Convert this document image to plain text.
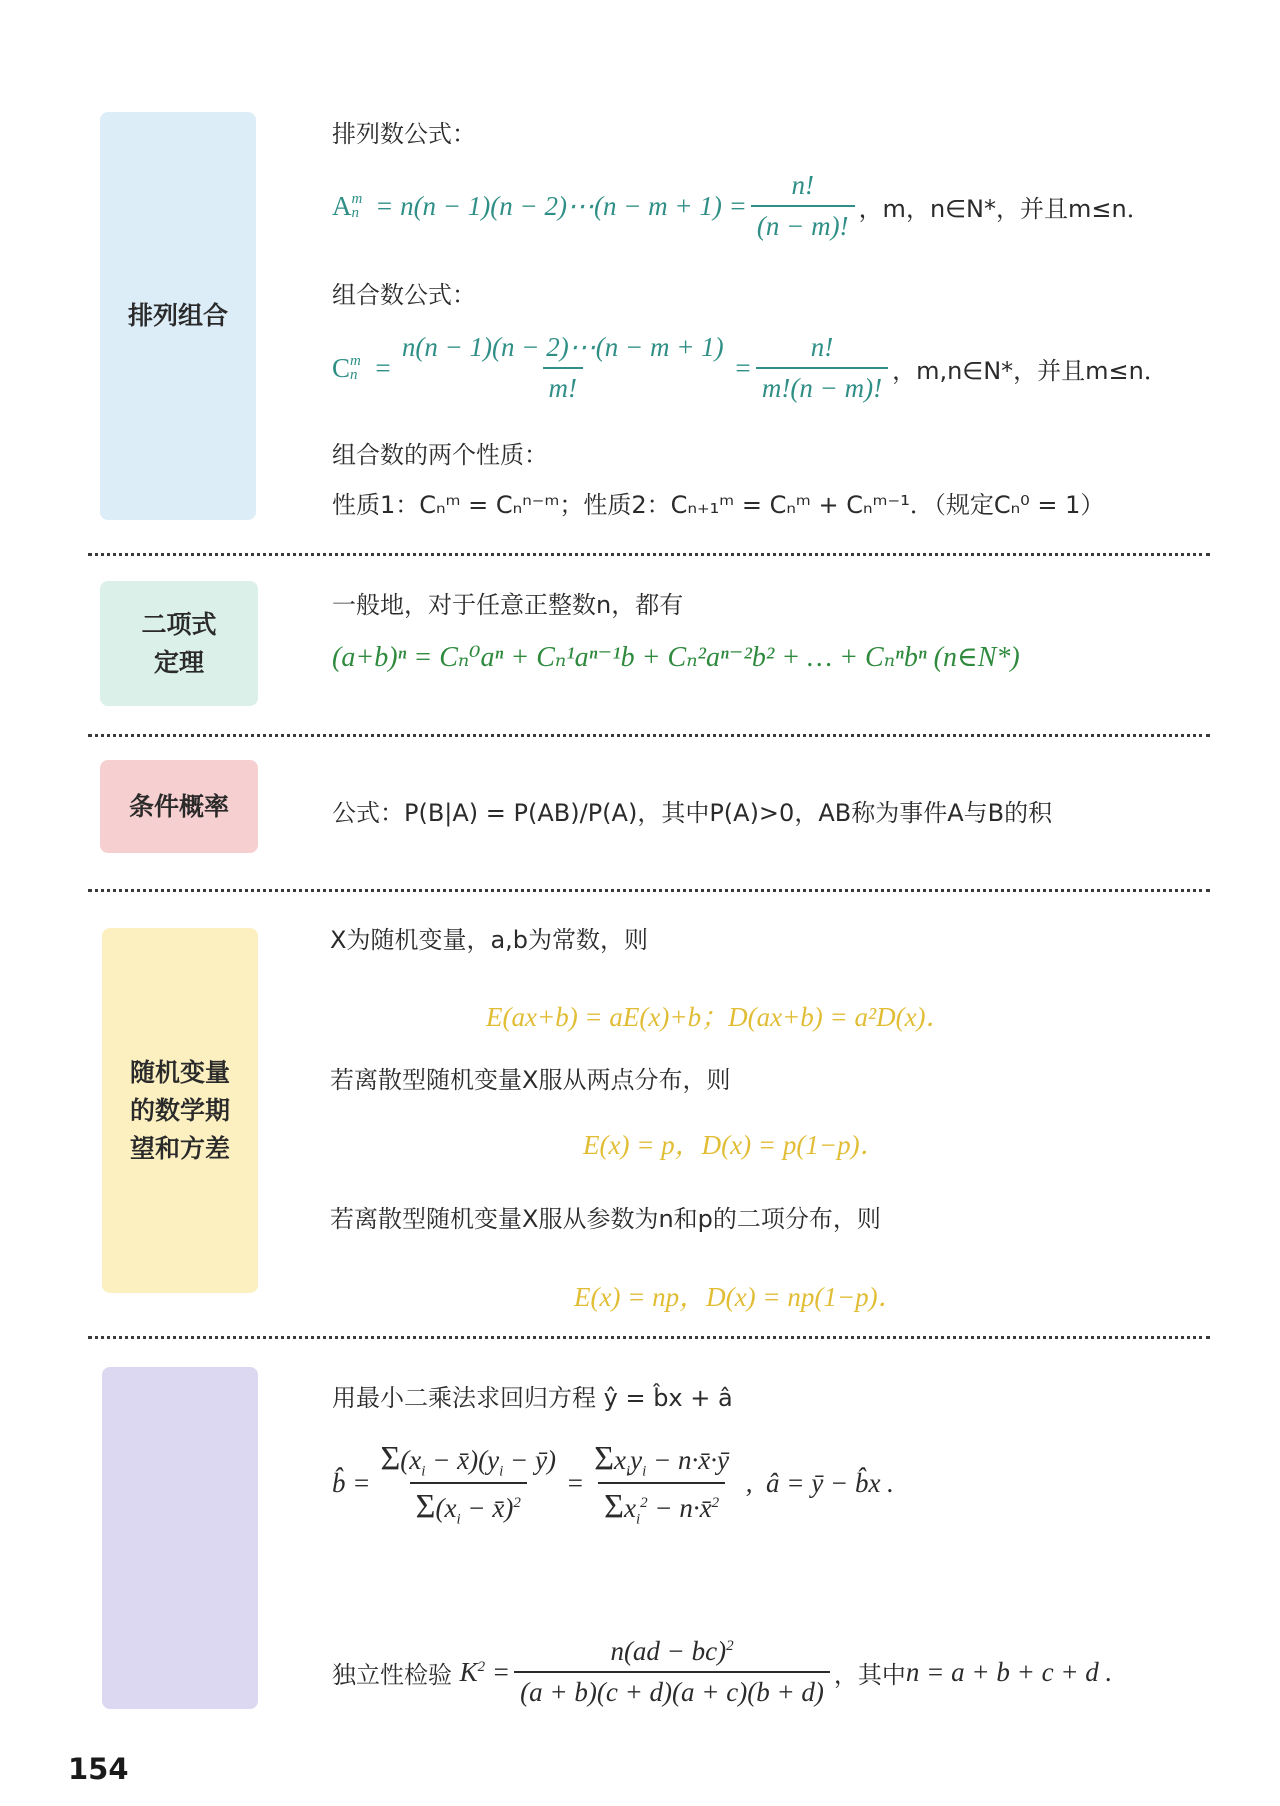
排列组合
排列数公式：
A m
n = n(n − 1)(n − 2)⋯(n − $m + 1) = \frac{n!}{(n - m)!}$ ，m，n∈N*，并且m≤n．
组合数公式：
C m
$n = \frac{n(n - 1)(n - 2)\cdots(n - m + 1)}{m!} = \frac{n!}{m!(n - m)!}$ ，m,n∈N*，并且m≤n．
组合数的两个性质：
性质1：Cₙᵐ = Cₙⁿ⁻ᵐ；性质2：Cₙ₊₁ᵐ = Cₙᵐ + Cₙᵐ⁻¹．（规定Cₙ⁰ = 1）
二项式
定理
一般地，对于任意正整数n，都有
(a+b)ⁿ = Cₙ⁰aⁿ + Cₙ¹aⁿ⁻¹b + Cₙ²aⁿ⁻²b² + … + Cₙⁿbⁿ (n∈N*)
条件概率	公式：P(B|A) = P(AB)/P(A)，其中P(A)>0，AB称为事件A与B的积
随机变量
的数学期
望和方差
X为随机变量，a,b为常数，则
E(ax+b) = aE(x)+b；D(ax+b) = a²D(x)．
若离散型随机变量X服从两点分布，则
E(x) = p，D(x) = p(1−p)．
若离散型随机变量X服从参数为n和p的二项分布，则
E(x) = np，D(x) = np(1−p)．
用最小二乘法求回归方程 ŷ = b̂x + â
b̂ = $\frac{\Sigma(x_i - x̄)(y_i - ȳ)}{\Sigma(x_i - x̄)^2} = \frac{\Sigma x_iy_i - n\cdot x̄\cdot ȳ}{\Sigma x_i^2 - n\cdot x̄^2}$ ,  â = ȳ − b̂x .
独立性检验 $K^2 = \frac{n(ad - bc)^2}{(a + b)(c + d)(a + c)(b + d)}$ ，其中 n = a + b + c + d .
154
